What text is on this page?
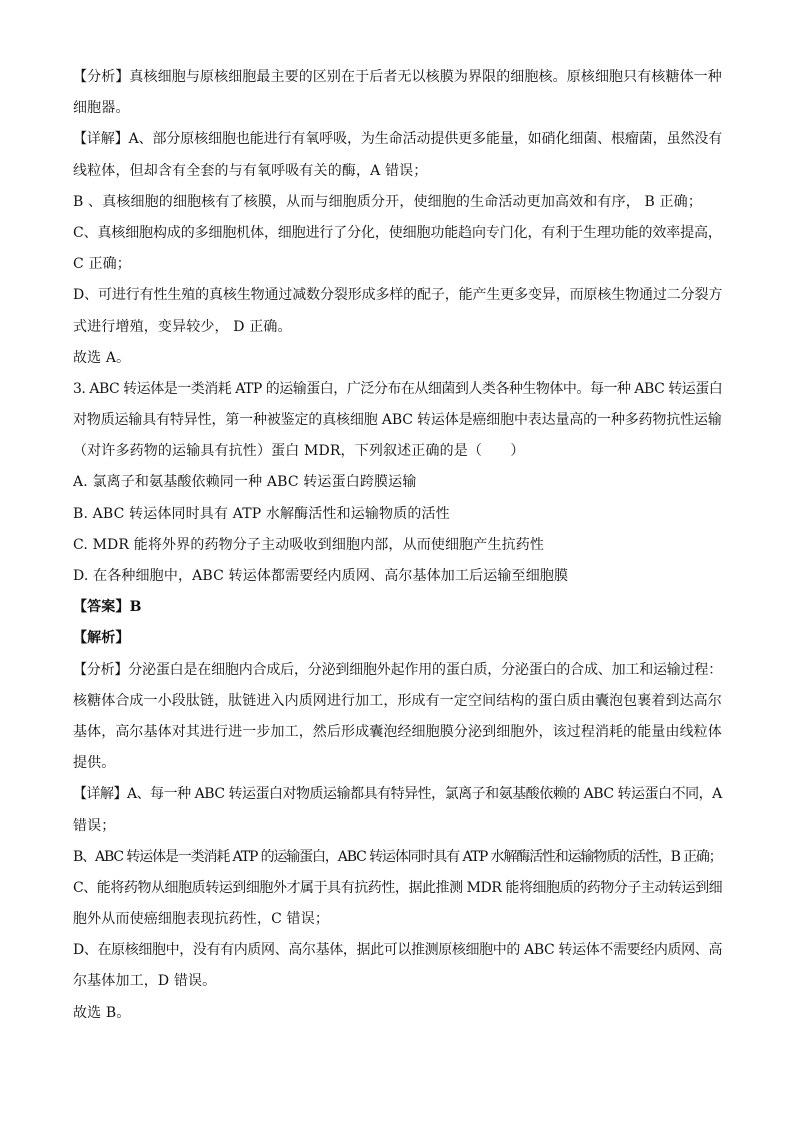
【分析】真核细胞与原核细胞最主要的区别在于后者无以核膜为界限的细胞核。原核细胞只有核糖体一种
细胞器。
【详解】A、部分原核细胞也能进行有氧呼吸，为生命活动提供更多能量，如硝化细菌、根瘤菌，虽然没有
线粒体，但却含有全套的与有氧呼吸有关的酶，A 错误；
B 、真核细胞的细胞核有了核膜，从而与细胞质分开，使细胞的生命活动更加高效和有序， B 正确；
C、真核细胞构成的多细胞机体，细胞进行了分化，使细胞功能趋向专门化，有利于生理功能的效率提高，
C 正确；
D、可进行有性生殖的真核生物通过减数分裂形成多样的配子，能产生更多变异，而原核生物通过二分裂方
式进行增殖，变异较少， D 正确。
故选 A。
3. ABC 转运体是一类消耗 ATP 的运输蛋白，广泛分布在从细菌到人类各种生物体中。每一种 ABC 转运蛋白
对物质运输具有特异性，第一种被鉴定的真核细胞 ABC 转运体是癌细胞中表达量高的一种多药物抗性运输
（对许多药物的运输具有抗性）蛋白 MDR，下列叙述正确的是（　　）
A. 氯离子和氨基酸依赖同一种 ABC 转运蛋白跨膜运输
B. ABC 转运体同时具有 ATP 水解酶活性和运输物质的活性
C. MDR 能将外界的药物分子主动吸收到细胞内部，从而使细胞产生抗药性
D. 在各种细胞中，ABC 转运体都需要经内质网、高尔基体加工后运输至细胞膜
【答案】B
【解析】
【分析】分泌蛋白是在细胞内合成后，分泌到细胞外起作用的蛋白质，分泌蛋白的合成、加工和运输过程：
核糖体合成一小段肽链，肽链进入内质网进行加工，形成有一定空间结构的蛋白质由囊泡包裹着到达高尔
基体，高尔基体对其进行进一步加工，然后形成囊泡经细胞膜分泌到细胞外，该过程消耗的能量由线粒体
提供。
【详解】A、每一种 ABC 转运蛋白对物质运输都具有特异性，氯离子和氨基酸依赖的 ABC 转运蛋白不同，A
错误；
B、ABC 转运体是一类消耗 ATP 的运输蛋白，ABC 转运体同时具有 ATP 水解酶活性和运输物质的活性，B 正确；
C、能将药物从细胞质转运到细胞外才属于具有抗药性，据此推测 MDR 能将细胞质的药物分子主动转运到细
胞外从而使癌细胞表现抗药性，C 错误；
D、在原核细胞中，没有有内质网、高尔基体，据此可以推测原核细胞中的 ABC 转运体不需要经内质网、高
尔基体加工，D 错误。
故选 B。
